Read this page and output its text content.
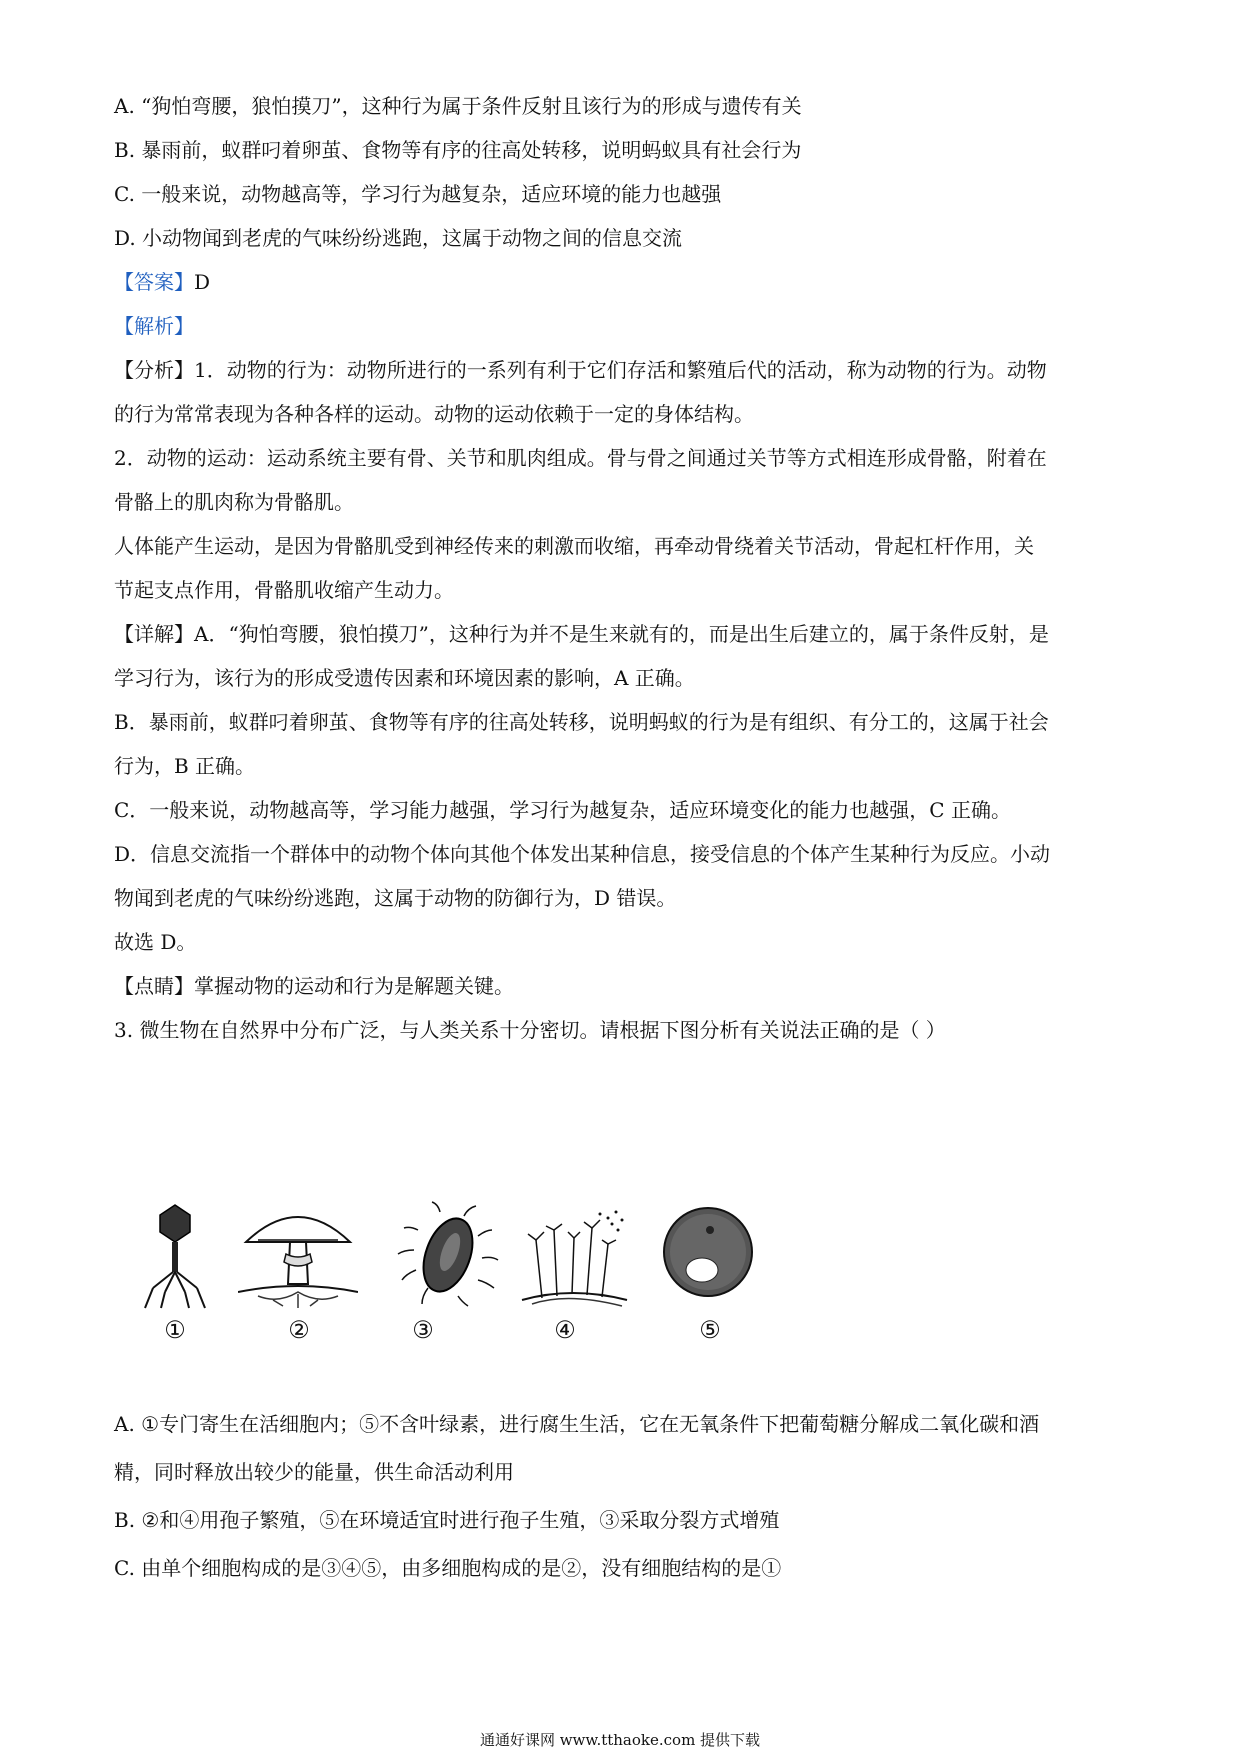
A. “狗怕弯腰，狼怕摸刀”，这种行为属于条件反射且该行为的形成与遗传有关
B. 暴雨前，蚁群叼着卵茧、食物等有序的往高处转移，说明蚂蚁具有社会行为
C. 一般来说，动物越高等，学习行为越复杂，适应环境的能力也越强
D. 小动物闻到老虎的气味纷纷逃跑，这属于动物之间的信息交流
【答案】D
【解析】
【分析】1．动物的行为：动物所进行的一系列有利于它们存活和繁殖后代的活动，称为动物的行为。动物
的行为常常表现为各种各样的运动。动物的运动依赖于一定的身体结构。
2．动物的运动：运动系统主要有骨、关节和肌肉组成。骨与骨之间通过关节等方式相连形成骨骼，附着在
骨骼上的肌肉称为骨骼肌。
人体能产生运动，是因为骨骼肌受到神经传来的刺激而收缩，再牵动骨绕着关节活动，骨起杠杆作用，关
节起支点作用，骨骼肌收缩产生动力。
【详解】A．“狗怕弯腰，狼怕摸刀”，这种行为并不是生来就有的，而是出生后建立的，属于条件反射，是
学习行为，该行为的形成受遗传因素和环境因素的影响，A 正确。
B．暴雨前，蚁群叼着卵茧、食物等有序的往高处转移，说明蚂蚁的行为是有组织、有分工的，这属于社会
行为，B 正确。
C．一般来说，动物越高等，学习能力越强，学习行为越复杂，适应环境变化的能力也越强，C 正确。
D．信息交流指一个群体中的动物个体向其他个体发出某种信息，接受信息的个体产生某种行为反应。小动
物闻到老虎的气味纷纷逃跑，这属于动物的防御行为，D 错误。
故选 D。
【点睛】掌握动物的运动和行为是解题关键。
3. 微生物在自然界中分布广泛，与人类关系十分密切。请根据下图分析有关说法正确的是（ ）
①	②	③	④	⑤
A. ①专门寄生在活细胞内；⑤不含叶绿素，进行腐生生活，它在无氧条件下把葡萄糖分解成二氧化碳和酒
精，同时释放出较少的能量，供生命活动利用
B. ②和④用孢子繁殖，⑤在环境适宜时进行孢子生殖，③采取分裂方式增殖
C. 由单个细胞构成的是③④⑤，由多细胞构成的是②，没有细胞结构的是①
通通好课网 www.tthaoke.com 提供下载
